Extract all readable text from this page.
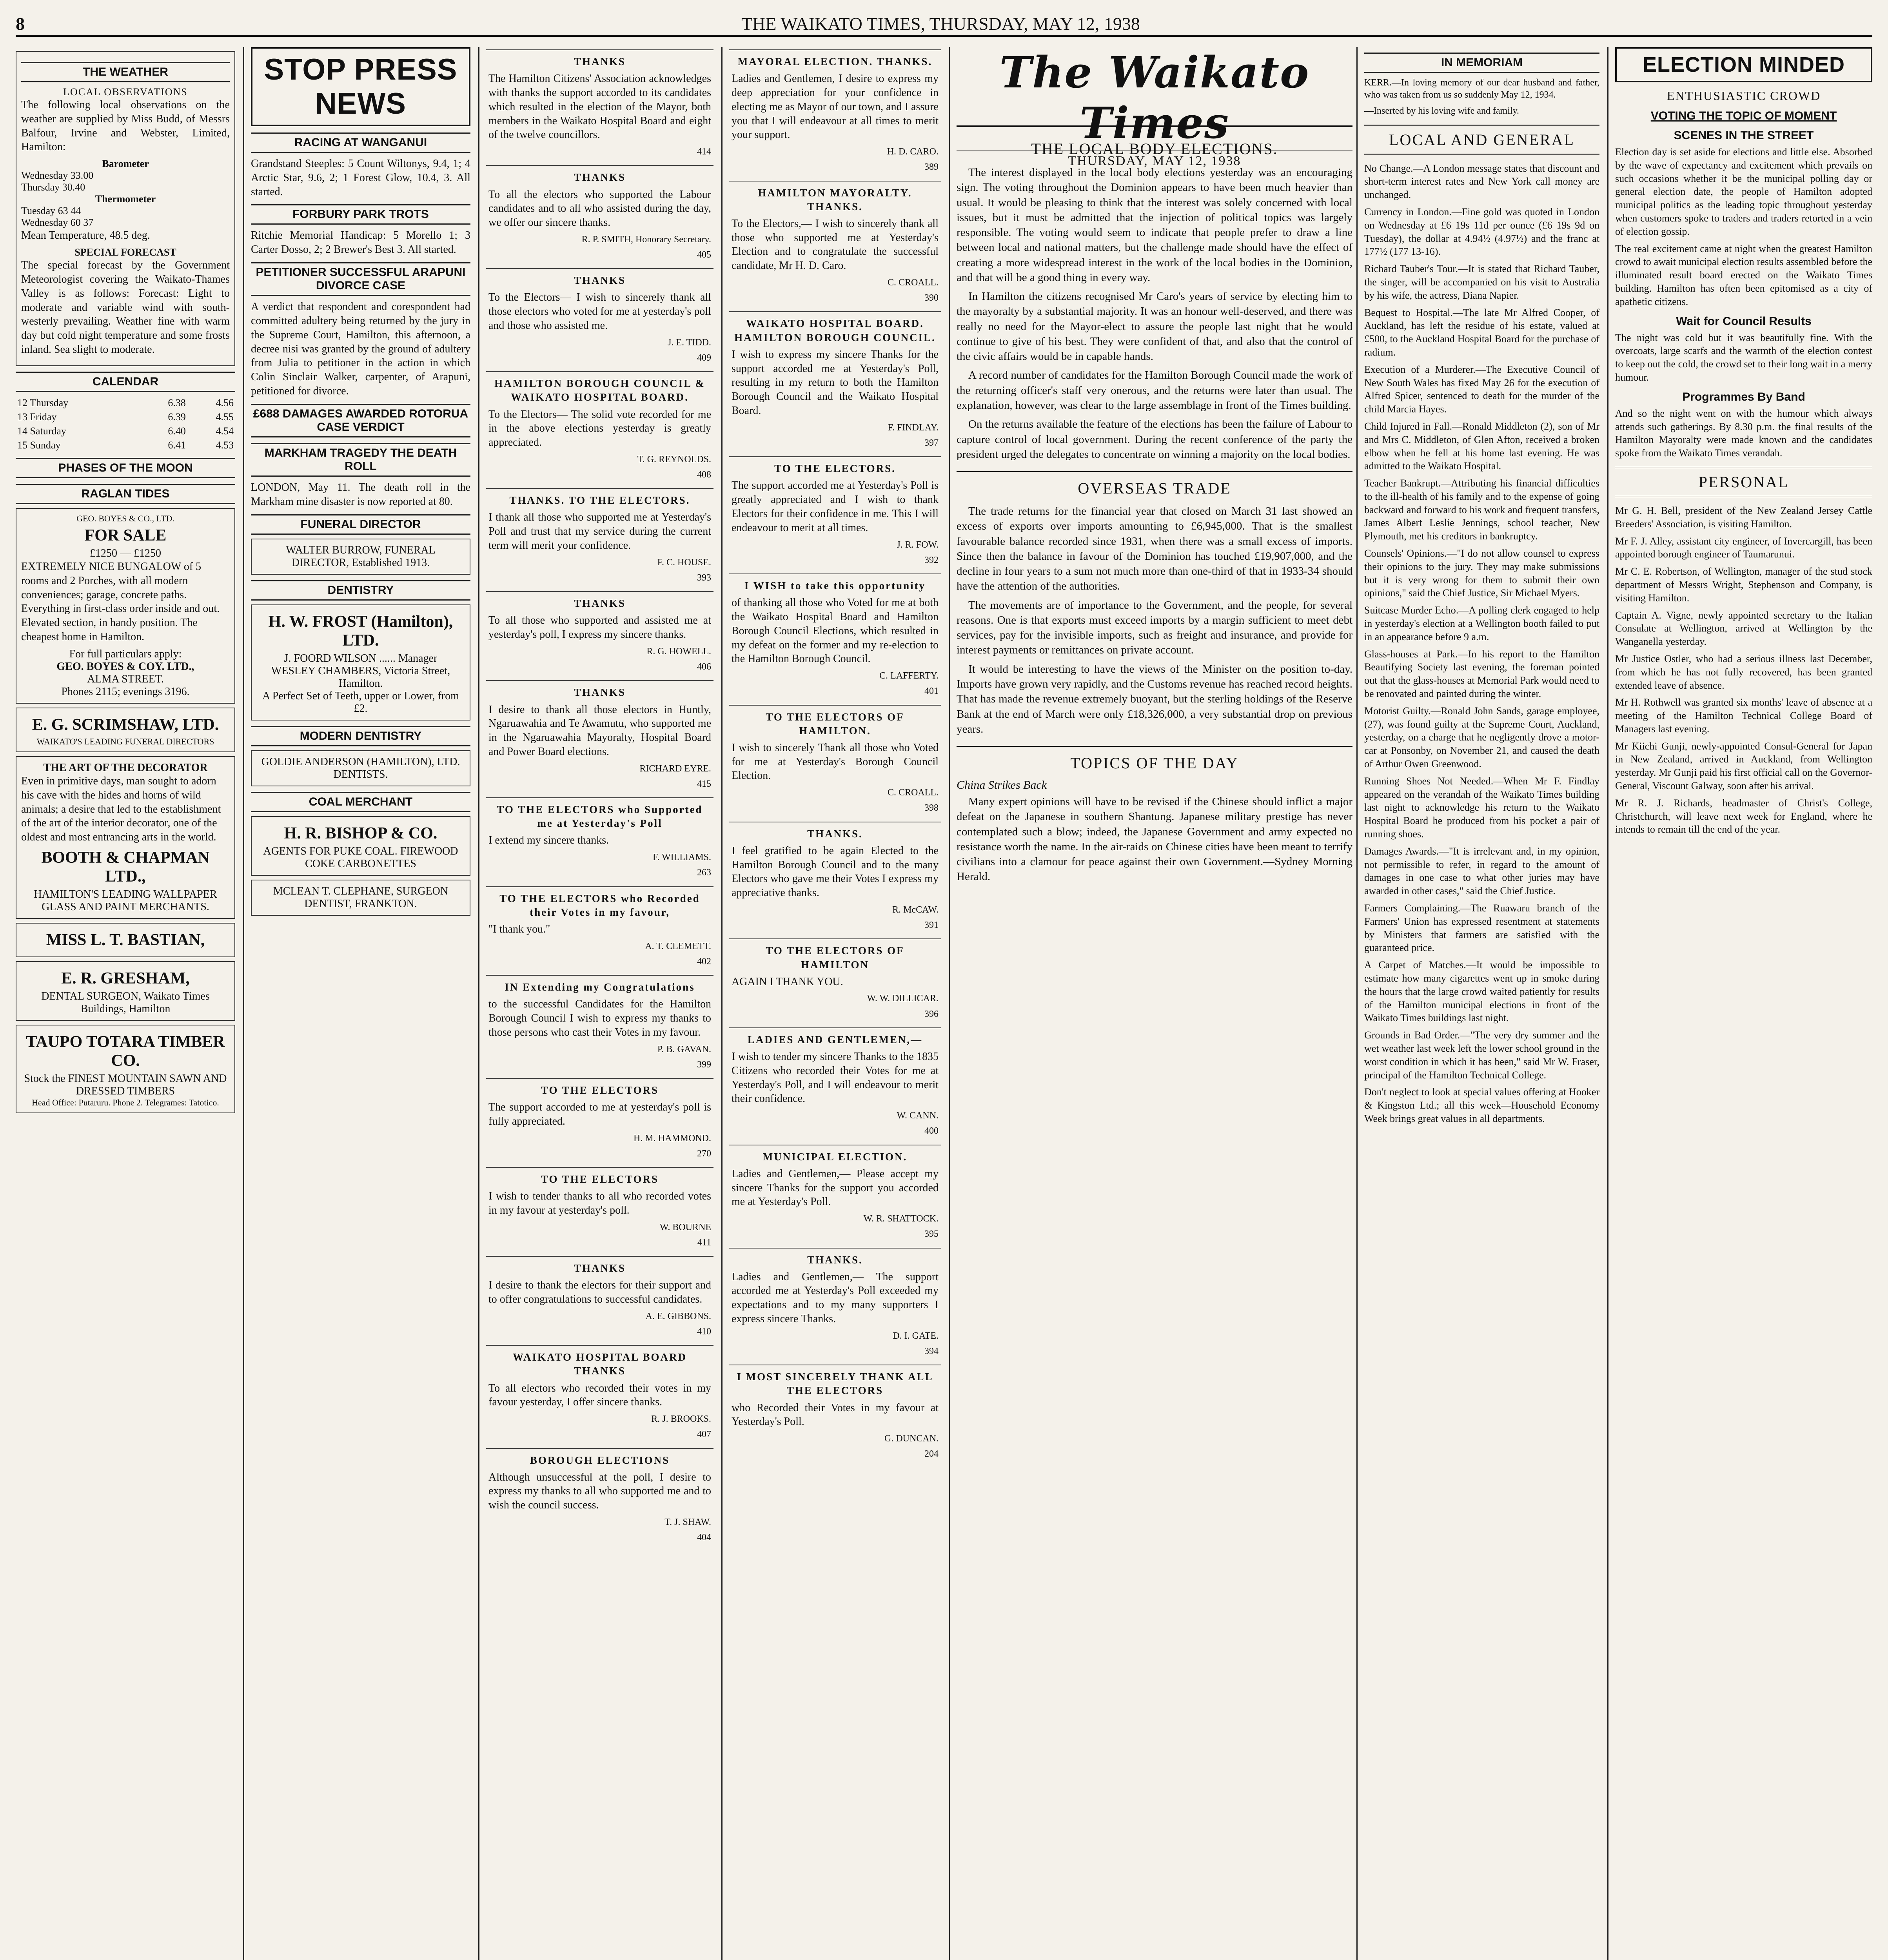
8	THE WAIKATO TIMES, THURSDAY, MAY 12, 1938
THE WEATHER
LOCAL OBSERVATIONS

The following local observations on the weather are supplied by Miss Budd, of Messrs Balfour, Irvine and Webster, Limited, Hamilton:

Barometer
Wednesday 33.00
Thursday 30.40
Thermometer
Tuesday 63 44
Wednesday 60 37

Mean Temperature, 48.5 deg.

SPECIAL FORECAST

The special forecast by the Government Meteorologist covering the Waikato-Thames Valley is as follows: Forecast: Light to moderate and variable wind with south-westerly prevailing. Weather fine with warm day but cold night temperature and some frosts inland. Sea slight to moderate.

CALENDAR
12 Thursday	6.38	4.56
13 Friday	6.39	4.55
14 Saturday	6.40	4.54
15 Sunday	6.41	4.53
PHASES OF THE MOON
RAGLAN TIDES
GEO. BOYES & CO., LTD.
FOR SALE
£1250 — £1250

EXTREMELY NICE BUNGALOW of 5 rooms and 2 Porches, with all modern conveniences; garage, concrete paths. Everything in first-class order inside and out. Elevated section, in handy position. The cheapest home in Hamilton.

For full particulars apply:
GEO. BOYES & COY. LTD.,
ALMA STREET.
Phones 2115; evenings 3196.
E. G. SCRIMSHAW, LTD.
WAIKATO'S LEADING FUNERAL DIRECTORS
THE ART OF THE DECORATOR

Even in primitive days, man sought to adorn his cave with the hides and horns of wild animals; a desire that led to the establishment of the art of the interior decorator, one of the oldest and most entrancing arts in the world.

BOOTH & CHAPMAN LTD.,
HAMILTON'S LEADING WALLPAPER GLASS AND PAINT MERCHANTS.
MISS L. T. BASTIAN,
E. R. GRESHAM,
DENTAL SURGEON, Waikato Times Buildings, Hamilton
TAUPO TOTARA TIMBER CO.
Stock the FINEST MOUNTAIN SAWN AND DRESSED TIMBERS
Head Office: Putaruru. Phone 2. Telegrames: Tatotico.
STOP PRESS NEWS
RACING AT WANGANUI

Grandstand Steeples: 5 Count Wiltonys, 9.4, 1; 4 Arctic Star, 9.6, 2; 1 Forest Glow, 10.4, 3. All started.

FORBURY PARK TROTS

Ritchie Memorial Handicap: 5 Morello 1; 3 Carter Dosso, 2; 2 Brewer's Best 3. All started.

PETITIONER SUCCESSFUL ARAPUNI DIVORCE CASE

A verdict that respondent and corespondent had committed adultery being returned by the jury in the Supreme Court, Hamilton, this afternoon, a decree nisi was granted by the ground of adultery from Julia to petitioner in the action in which Colin Sinclair Walker, carpenter, of Arapuni, petitioned for divorce.

£688 DAMAGES AWARDED ROTORUA CASE VERDICT
MARKHAM TRAGEDY THE DEATH ROLL

LONDON, May 11. The death roll in the Markham mine disaster is now reported at 80.

FUNERAL DIRECTOR
WALTER BURROW, FUNERAL DIRECTOR, Established 1913.
DENTISTRY
H. W. FROST (Hamilton), LTD.
J. FOORD WILSON ...... Manager
WESLEY CHAMBERS, Victoria Street, Hamilton.
A Perfect Set of Teeth, upper or Lower, from £2.
MODERN DENTISTRY
GOLDIE ANDERSON (HAMILTON), LTD. DENTISTS.
COAL MERCHANT
H. R. BISHOP & CO.
AGENTS FOR PUKE COAL. FIREWOOD COKE CARBONETTES
MCLEAN T. CLEPHANE, SURGEON DENTIST, FRANKTON.
THANKS

The Hamilton Citizens' Association acknowledges with thanks the support accorded to its candidates which resulted in the election of the Mayor, both members in the Waikato Hospital Board and eight of the twelve councillors.

414
THANKS

To all the electors who supported the Labour candidates and to all who assisted during the day, we offer our sincere thanks.

R. P. SMITH, Honorary Secretary.
405
THANKS

To the Electors— I wish to sincerely thank all those electors who voted for me at yesterday's poll and those who assisted me.

J. E. TIDD.
409
HAMILTON BOROUGH COUNCIL & WAIKATO HOSPITAL BOARD.

To the Electors— The solid vote recorded for me in the above elections yesterday is greatly appreciated.

T. G. REYNOLDS.
408
THANKS. TO THE ELECTORS.

I thank all those who supported me at Yesterday's Poll and trust that my service during the current term will merit your confidence.

F. C. HOUSE.
393
THANKS

To all those who supported and assisted me at yesterday's poll, I express my sincere thanks.

R. G. HOWELL.
406
THANKS

I desire to thank all those electors in Huntly, Ngaruawahia and Te Awamutu, who supported me in the Ngaruawahia Mayoralty, Hospital Board and Power Board elections.

RICHARD EYRE.
415
TO THE ELECTORS who Supported me at Yesterday's Poll

I extend my sincere thanks.

F. WILLIAMS.
263
TO THE ELECTORS who Recorded their Votes in my favour,

"I thank you."

A. T. CLEMETT.
402
IN Extending my Congratulations

to the successful Candidates for the Hamilton Borough Council I wish to express my thanks to those persons who cast their Votes in my favour.

P. B. GAVAN.
399
TO THE ELECTORS

The support accorded to me at yesterday's poll is fully appreciated.

H. M. HAMMOND.
270
TO THE ELECTORS

I wish to tender thanks to all who recorded votes in my favour at yesterday's poll.

W. BOURNE
411
THANKS

I desire to thank the electors for their support and to offer congratulations to successful candidates.

A. E. GIBBONS.
410
WAIKATO HOSPITAL BOARD THANKS

To all electors who recorded their votes in my favour yesterday, I offer sincere thanks.

R. J. BROOKS.
407
BOROUGH ELECTIONS

Although unsuccessful at the poll, I desire to express my thanks to all who supported me and to wish the council success.

T. J. SHAW.
404
MAYORAL ELECTION. THANKS.

Ladies and Gentlemen, I desire to express my deep appreciation for your confidence in electing me as Mayor of our town, and I assure you that I will endeavour at all times to merit your support.

H. D. CARO.
389
HAMILTON MAYORALTY. THANKS.

To the Electors,— I wish to sincerely thank all those who supported me at Yesterday's Election and to congratulate the successful candidate, Mr H. D. Caro.

C. CROALL.
390
WAIKATO HOSPITAL BOARD. HAMILTON BOROUGH COUNCIL.

I wish to express my sincere Thanks for the support accorded me at Yesterday's Poll, resulting in my return to both the Hamilton Borough Council and the Waikato Hospital Board.

F. FINDLAY.
397
TO THE ELECTORS.

The support accorded me at Yesterday's Poll is greatly appreciated and I wish to thank Electors for their confidence in me. This I will endeavour to merit at all times.

J. R. FOW.
392
I WISH to take this opportunity

of thanking all those who Voted for me at both the Waikato Hospital Board and Hamilton Borough Council Elections, which resulted in my defeat on the former and my re-election to the Hamilton Borough Council.

C. LAFFERTY.
401
TO THE ELECTORS OF HAMILTON.

I wish to sincerely Thank all those who Voted for me at Yesterday's Borough Council Election.

C. CROALL.
398
THANKS.

I feel gratified to be again Elected to the Hamilton Borough Council and to the many Electors who gave me their Votes I express my appreciative thanks.

R. McCAW.
391
TO THE ELECTORS OF HAMILTON

AGAIN I THANK YOU.

W. W. DILLICAR.
396
LADIES AND GENTLEMEN,—

I wish to tender my sincere Thanks to the 1835 Citizens who recorded their Votes for me at Yesterday's Poll, and I will endeavour to merit their confidence.

W. CANN.
400
MUNICIPAL ELECTION.

Ladies and Gentlemen,— Please accept my sincere Thanks for the support you accorded me at Yesterday's Poll.

W. R. SHATTOCK.
395
THANKS.

Ladies and Gentlemen,— The support accorded me at Yesterday's Poll exceeded my expectations and to my many supporters I express sincere Thanks.

D. I. GATE.
394
I MOST SINCERELY THANK ALL THE ELECTORS

who Recorded their Votes in my favour at Yesterday's Poll.

G. DUNCAN.
204
The Waikato Times
THURSDAY, MAY 12, 1938
THE LOCAL BODY ELECTIONS.

The interest displayed in the local body elections yesterday was an encouraging sign. The voting throughout the Dominion appears to have been much heavier than usual. It would be pleasing to think that the interest was solely concerned with local issues, but it must be admitted that the injection of political topics was largely responsible. The voting would seem to indicate that people prefer to draw a line between local and national matters, but the challenge made should have the effect of creating a more widespread interest in the work of the local bodies in the Dominion, and that will be a good thing in every way.

In Hamilton the citizens recognised Mr Caro's years of service by electing him to the mayoralty by a substantial majority. It was an honour well-deserved, and there was really no need for the Mayor-elect to assure the people last night that he would continue to give of his best. They were confident of that, and also that the control of the civic affairs would be in capable hands.

A record number of candidates for the Hamilton Borough Council made the work of the returning officer's staff very onerous, and the returns were later than usual. The explanation, however, was clear to the large assemblage in front of the Times building.

On the returns available the feature of the elections has been the failure of Labour to capture control of local government. During the recent conference of the party the president urged the delegates to concentrate on winning a majority on the local bodies.

OVERSEAS TRADE

The trade returns for the financial year that closed on March 31 last showed an excess of exports over imports amounting to £6,945,000. That is the smallest favourable balance recorded since 1931, when there was a small excess of imports. Since then the balance in favour of the Dominion has touched £19,907,000, and the decline in four years to a sum not much more than one-third of that in 1933-34 should have the attention of the authorities.

The movements are of importance to the Government, and the people, for several reasons. One is that exports must exceed imports by a margin sufficient to meet debt services, pay for the invisible imports, such as freight and insurance, and provide for interest payments or remittances on private account.

It would be interesting to have the views of the Minister on the position to-day. Imports have grown very rapidly, and the Customs revenue has reached record heights. That has made the revenue extremely buoyant, but the sterling holdings of the Reserve Bank at the end of March were only £18,326,000, a very substantial drop on previous years.

TOPICS OF THE DAY
China Strikes Back

Many expert opinions will have to be revised if the Chinese should inflict a major defeat on the Japanese in southern Shantung. Japanese military prestige has never contemplated such a blow; indeed, the Japanese Government and army expected no resistance worth the name. In the air-raids on Chinese cities have been meant to terrify civilians into a clamour for peace against their own Government.—Sydney Morning Herald.

IN MEMORIAM

KERR.—In loving memory of our dear husband and father, who was taken from us so suddenly May 12, 1934.

—Inserted by his loving wife and family.

LOCAL AND GENERAL

No Change.—A London message states that discount and short-term interest rates and New York call money are unchanged.

Currency in London.—Fine gold was quoted in London on Wednesday at £6 19s 11d per ounce (£6 19s 9d on Tuesday), the dollar at 4.94½ (4.97½) and the franc at 177½ (177 13-16).

Richard Tauber's Tour.—It is stated that Richard Tauber, the singer, will be accompanied on his visit to Australia by his wife, the actress, Diana Napier.

Bequest to Hospital.—The late Mr Alfred Cooper, of Auckland, has left the residue of his estate, valued at £500, to the Auckland Hospital Board for the purchase of radium.

Execution of a Murderer.—The Executive Council of New South Wales has fixed May 26 for the execution of Alfred Spicer, sentenced to death for the murder of the child Marcia Hayes.

Child Injured in Fall.—Ronald Middleton (2), son of Mr and Mrs C. Middleton, of Glen Afton, received a broken elbow when he fell at his home last evening. He was admitted to the Waikato Hospital.

Teacher Bankrupt.—Attributing his financial difficulties to the ill-health of his family and to the expense of going backward and forward to his work and frequent transfers, James Albert Leslie Jennings, school teacher, New Plymouth, met his creditors in bankruptcy.

Counsels' Opinions.—"I do not allow counsel to express their opinions to the jury. They may make submissions but it is very wrong for them to submit their own opinions," said the Chief Justice, Sir Michael Myers.

Suitcase Murder Echo.—A polling clerk engaged to help in yesterday's election at a Wellington booth failed to put in an appearance before 9 a.m.

Glass-houses at Park.—In his report to the Hamilton Beautifying Society last evening, the foreman pointed out that the glass-houses at Memorial Park would need to be renovated and painted during the winter.

Motorist Guilty.—Ronald John Sands, garage employee, (27), was found guilty at the Supreme Court, Auckland, yesterday, on a charge that he negligently drove a motor-car at Ponsonby, on November 21, and caused the death of Arthur Owen Greenwood.

Running Shoes Not Needed.—When Mr F. Findlay appeared on the verandah of the Waikato Times building last night to acknowledge his return to the Waikato Hospital Board he produced from his pocket a pair of running shoes.

Damages Awards.—"It is irrelevant and, in my opinion, not permissible to refer, in regard to the amount of damages in one case to what other juries may have awarded in other cases," said the Chief Justice.

Farmers Complaining.—The Ruawaru branch of the Farmers' Union has expressed resentment at statements by Ministers that farmers are satisfied with the guaranteed price.

A Carpet of Matches.—It would be impossible to estimate how many cigarettes went up in smoke during the hours that the large crowd waited patiently for results of the Hamilton municipal elections in front of the Waikato Times buildings last night.

Grounds in Bad Order.—"The very dry summer and the wet weather last week left the lower school ground in the worst condition in which it has been," said Mr W. Fraser, principal of the Hamilton Technical College.

Don't neglect to look at special values offering at Hooker & Kingston Ltd.; all this week—Household Economy Week brings great values in all departments.

ELECTION MINDED
ENTHUSIASTIC CROWD
VOTING THE TOPIC OF MOMENT
SCENES IN THE STREET

Election day is set aside for elections and little else. Absorbed by the wave of expectancy and excitement which prevails on such occasions whether it be the municipal polling day or general election date, the people of Hamilton adopted municipal politics as the leading topic throughout yesterday when customers spoke to traders and traders retorted in a vein of election gossip.

The real excitement came at night when the greatest Hamilton crowd to await municipal election results assembled before the illuminated result board erected on the Waikato Times building. Hamilton has often been epitomised as a city of apathetic citizens.

Wait for Council Results

The night was cold but it was beautifully fine. With the overcoats, large scarfs and the warmth of the election contest to keep out the cold, the crowd set to their long wait in a merry humour.

Programmes By Band

And so the night went on with the humour which always attends such gatherings. By 8.30 p.m. the final results of the Hamilton Mayoralty were made known and the candidates spoke from the Waikato Times verandah.

PERSONAL

Mr G. H. Bell, president of the New Zealand Jersey Cattle Breeders' Association, is visiting Hamilton.

Mr F. J. Alley, assistant city engineer, of Invercargill, has been appointed borough engineer of Taumarunui.

Mr C. E. Robertson, of Wellington, manager of the stud stock department of Messrs Wright, Stephenson and Company, is visiting Hamilton.

Captain A. Vigne, newly appointed secretary to the Italian Consulate at Wellington, arrived at Wellington by the Wanganella yesterday.

Mr Justice Ostler, who had a serious illness last December, from which he has not fully recovered, has been granted extended leave of absence.

Mr H. Rothwell was granted six months' leave of absence at a meeting of the Hamilton Technical College Board of Managers last evening.

Mr Kiichi Gunji, newly-appointed Consul-General for Japan in New Zealand, arrived in Auckland, from Wellington yesterday. Mr Gunji paid his first official call on the Governor-General, Viscount Galway, soon after his arrival.

Mr R. J. Richards, headmaster of Christ's College, Christchurch, will leave next week for England, where he intends to remain till the end of the year.
